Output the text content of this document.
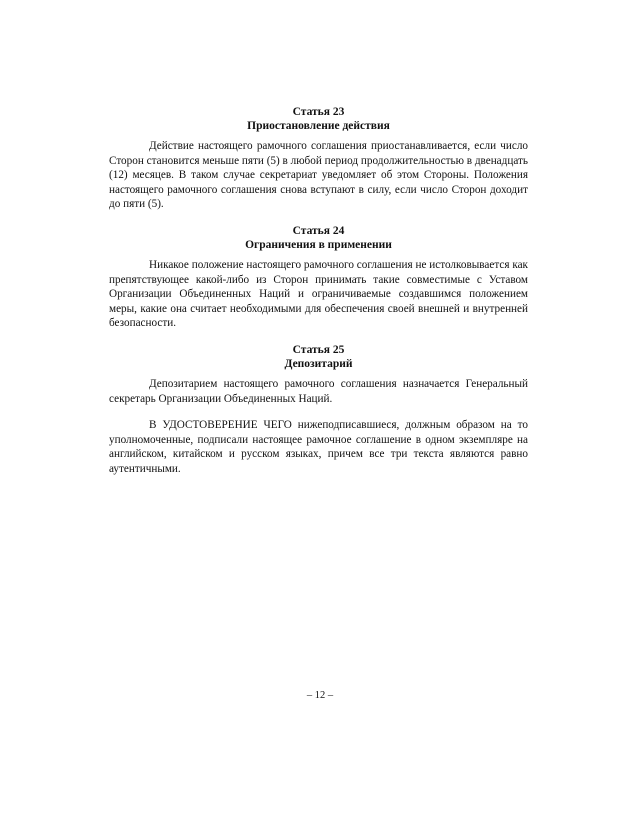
Статья 23

Приостановление действия

Действие настоящего рамочного соглашения приостанавливается, если число Сторон становится меньше пяти (5) в любой период продолжительностью в двенадцать (12) месяцев. В таком случае секретариат уведомляет об этом Стороны. Положения настоящего рамочного соглашения снова вступают в силу, если число Сторон доходит до пяти (5).

Статья 24

Ограничения в применении

Никакое положение настоящего рамочного соглашения не истолковывается как препятствующее какой-либо из Сторон принимать такие совместимые с Уставом Организации Объединенных Наций и ограничиваемые создавшимся положением меры, какие она считает необходимыми для обеспечения своей внешней и внутренней безопасности.

Статья 25

Депозитарий

Депозитарием настоящего рамочного соглашения назначается Генеральный секретарь Организации Объединенных Наций.

В УДОСТОВЕРЕНИЕ ЧЕГО нижеподписавшиеся, должным образом на то уполномоченные, подписали настоящее рамочное соглашение в одном экземпляре на английском, китайском и русском языках, причем все три текста являются равно аутентичными.

– 12 –
